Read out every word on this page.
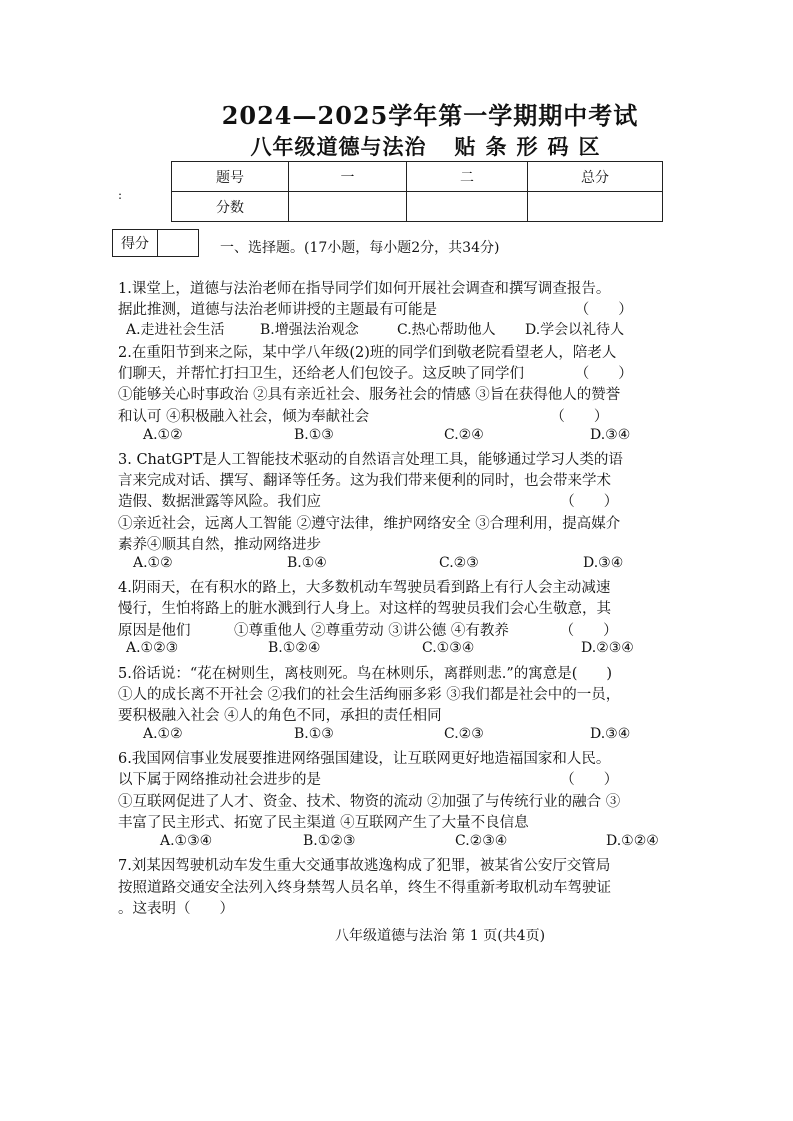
2024—2025学年第一学期期中考试
八年级道德与法治 贴条形码区
:
题号	一	二	总分
分数			
得分		一、选择题。(17小题，每小题2分，共34分)
1.课堂上，道德与法治老师在指导同学们如何开展社会调查和撰写调查报告。
据此推测，道德与法治老师讲授的主题最有可能是　　　　　　　　　　（　　）
A.走进社会生活	B.增强法治观念	C.热心帮助他人 D.学会以礼待人
2.在重阳节到来之际，某中学八年级(2)班的同学们到敬老院看望老人，陪老人
们聊天，并帮忙打扫卫生，还给老人们包饺子。这反映了同学们　　　　（　　）
①能够关心时事政治 ②具有亲近社会、服务社会的情感 ③旨在获得他人的赞誉
和认可 ④积极融入社会，倾为奉献社会　　　　　　　　　　　　　（　　）
A.①②	B.①③	C.②④	D.③④
3. ChatGPT是人工智能技术驱动的自然语言处理工具，能够通过学习人类的语
言来完成对话、撰写、翻译等任务。这为我们带来便利的同时，也会带来学术
造假、数据泄露等风险。我们应　　　　　　　　　　　　　　　　　（　　）
①亲近社会，远离人工智能 ②遵守法律，维护网络安全 ③合理利用，提高媒介
素养④顺其自然，推动网络进步
A.①②	B.①④	C.②③	D.③④
4.阴雨天，在有积水的路上，大多数机动车驾驶员看到路上有行人会主动减速
慢行，生怕将路上的脏水溅到行人身上。对这样的驾驶员我们会心生敬意，其
原因是他们　　　①尊重他人 ②尊重劳动 ③讲公德 ④有教养　　　　（　　）
A.①②③	B.①②④	C.①③④	D.②③④
5.俗话说：“花在树则生，离枝则死。鸟在林则乐，离群则悲.”的寓意是(　　)
①人的成长离不开社会 ②我们的社会生活绚丽多彩 ③我们都是社会中的一员，
要积极融入社会 ④人的角色不同，承担的责任相同
A.①②	B.①③	C.②③	D.③④
6.我国网信事业发展要推进网络强国建设，让互联网更好地造福国家和人民。
以下属于网络推动社会进步的是　　　　　　　　　　　　　　　　　（　　）
①互联网促进了人才、资金、技术、物资的流动 ②加强了与传统行业的融合 ③
丰富了民主形式、拓宽了民主渠道 ④互联网产生了大量不良信息
A.①③④	B.①②③	C.②③④	D.①②④
7.刘某因驾驶机动车发生重大交通事故逃逸构成了犯罪，被某省公安厅交管局
按照道路交通安全法列入终身禁驾人员名单，终生不得重新考取机动车驾驶证
。这表明（　　）
八年级道德与法治 第 1 页(共4页)
